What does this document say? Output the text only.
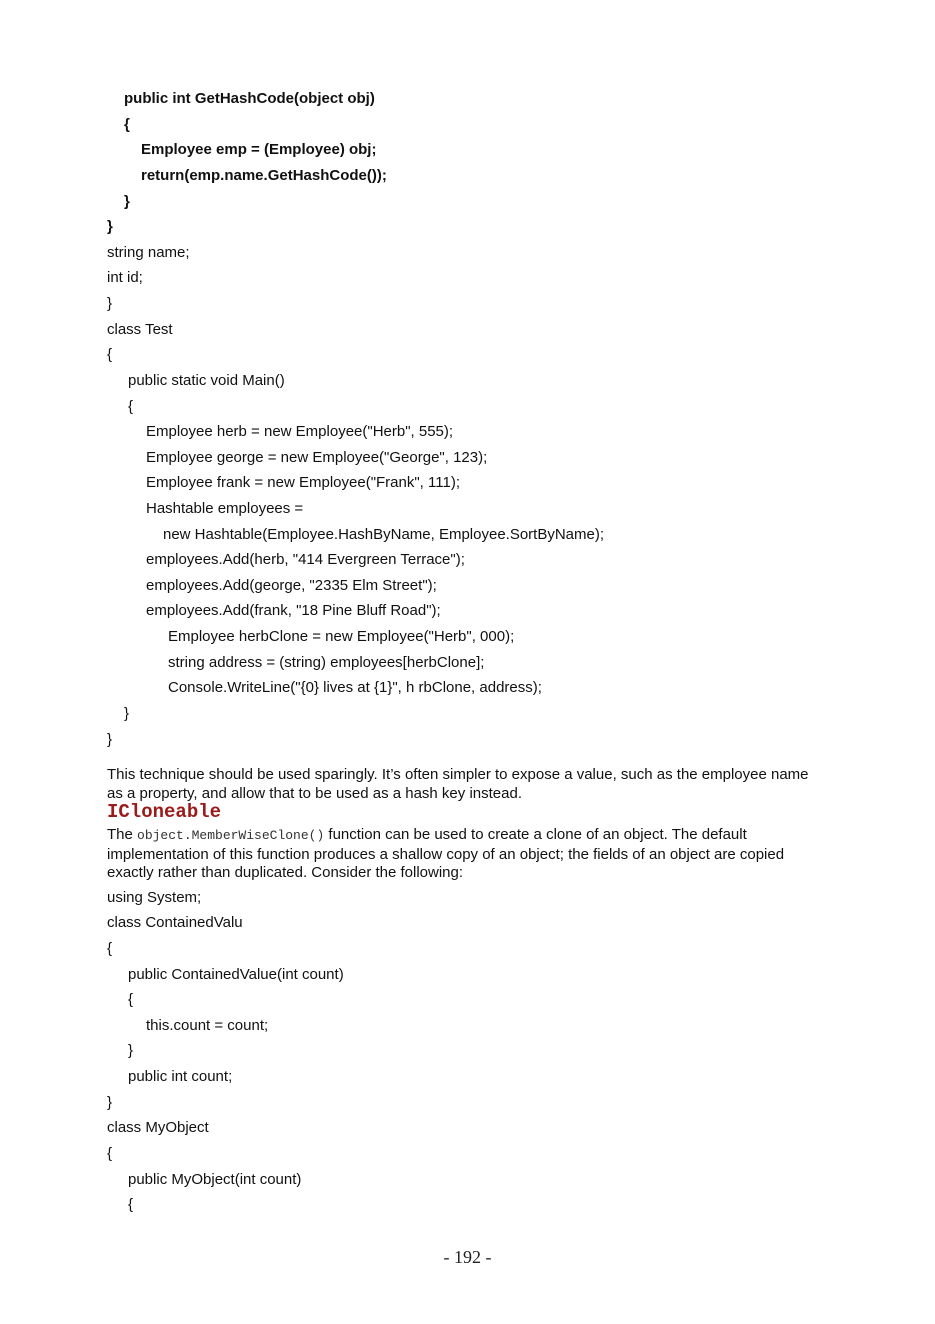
public int GetHashCode(object obj)
{
Employee emp = (Employee) obj;
return(emp.name.GetHashCode());
}
}
string name;
int id;
}
class Test
{
public static void Main()
{
Employee herb = new Employee("Herb", 555);
Employee george = new Employee("George", 123);
Employee frank = new Employee("Frank", 111);
Hashtable employees =
new Hashtable(Employee.HashByName, Employee.SortByName);
employees.Add(herb, "414 Evergreen Terrace");
employees.Add(george, "2335 Elm Street");
employees.Add(frank, "18 Pine Bluff Road");
Employee herbClone = new Employee("Herb", 000);
string address = (string) employees[herbClone];
Console.WriteLine("{0} lives at {1}", h rbClone, address);
}
}
This technique should be used sparingly. It’s often simpler to expose a value, such as the employee name as a property, and allow that to be used as a hash key instead.
ICloneable
The object.MemberWiseClone() function can be used to create a clone of an object. The default implementation of this function produces a shallow copy of an object; the fields of an object are copied exactly rather than duplicated. Consider the following:
using System;
class ContainedValu
{
public ContainedValue(int count)
{
this.count = count;
}
public int count;
}
class MyObject
{
public MyObject(int count)
{
- 192 -
